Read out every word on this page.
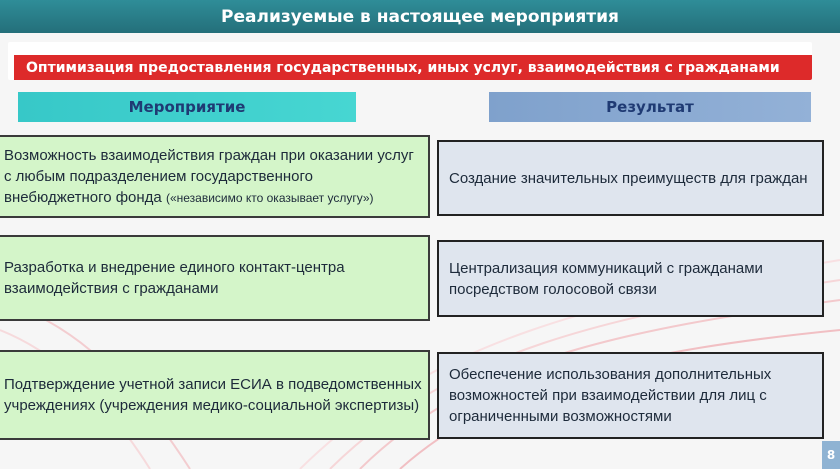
Реализуемые в настоящее мероприятия
Оптимизация предоставления государственных, иных услуг, взаимодействия с гражданами
Мероприятие	Результат
Возможность взаимодействия граждан при оказании услуг с любым подразделением государственного внебюджетного фонда («независимо кто оказывает услугу»)
Создание значительных преимуществ для граждан
Разработка и внедрение единого контакт-центра взаимодействия с гражданами
Централизация коммуникаций с гражданами посредством голосовой связи
Подтверждение учетной записи ЕСИА в подведомственных учреждениях (учреждения медико-социальной экспертизы)
Обеспечение использования дополнительных возможностей при взаимодействии для лиц с ограниченными возможностями
8
